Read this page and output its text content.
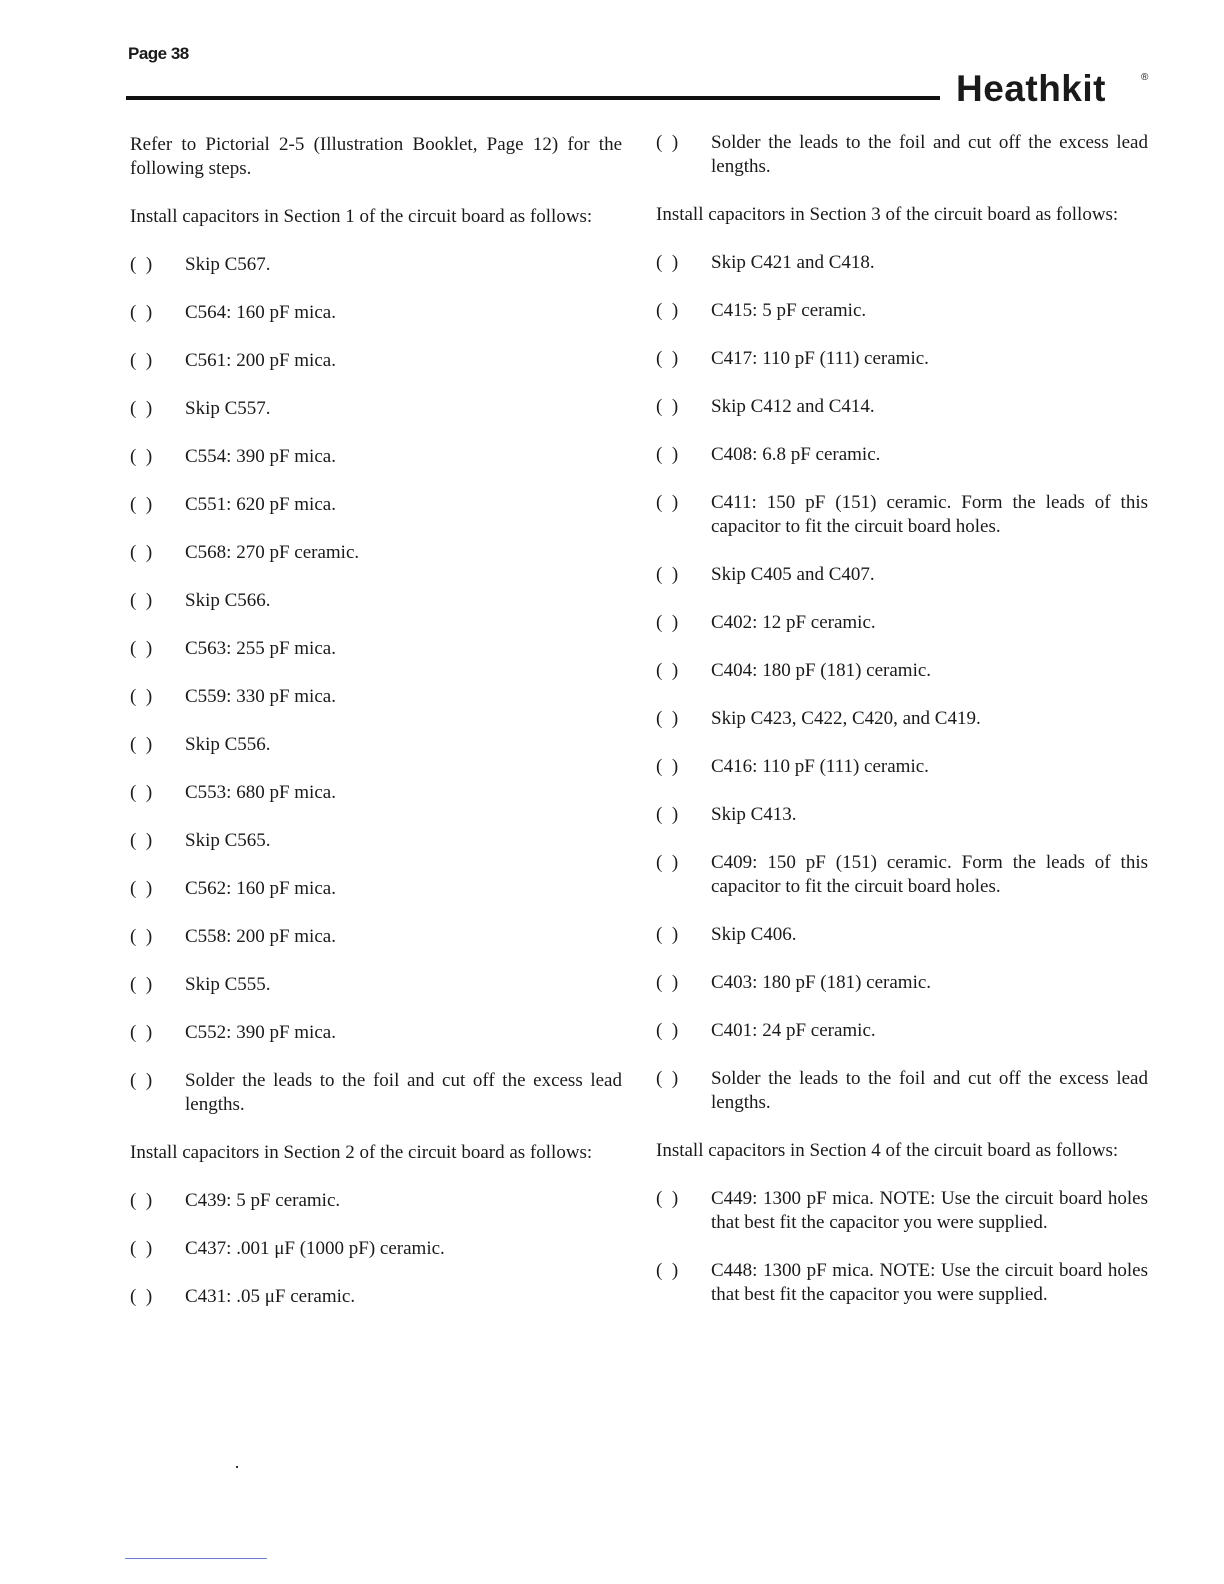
Page 38
Heathkit	®

Refer to Pictorial 2-5 (Illustration Booklet, Page 12) for the following steps.

Install capacitors in Section 1 of the circuit board as follows:

(  )	Skip C567.

(  )	C564: 160 pF mica.

(  )	C561: 200 pF mica.

(  )	Skip C557.

(  )	C554: 390 pF mica.

(  )	C551: 620 pF mica.

(  )	C568: 270 pF ceramic.

(  )	Skip C566.

(  )	C563: 255 pF mica.

(  )	C559: 330 pF mica.

(  )	Skip C556.

(  )	C553: 680 pF mica.

(  )	Skip C565.

(  )	C562: 160 pF mica.

(  )	C558: 200 pF mica.

(  )	Skip C555.

(  )	C552: 390 pF mica.

(  )	Solder the leads to the foil and cut off the excess lead lengths.

Install capacitors in Section 2 of the circuit board as follows:

(  )	C439: 5 pF ceramic.

(  )	C437: .001 μF (1000 pF) ceramic.

(  )	C431: .05 μF ceramic.

(  )	Solder the leads to the foil and cut off the excess lead lengths.

Install capacitors in Section 3 of the circuit board as follows:

(  )	Skip C421 and C418.

(  )	C415: 5 pF ceramic.

(  )	C417: 110 pF (111) ceramic.

(  )	Skip C412 and C414.

(  )	C408: 6.8 pF ceramic.

(  )	C411: 150 pF (151) ceramic. Form the leads of this capacitor to fit the circuit board holes.

(  )	Skip C405 and C407.

(  )	C402: 12 pF ceramic.

(  )	C404: 180 pF (181) ceramic.

(  )	Skip C423, C422, C420, and C419.

(  )	C416: 110 pF (111) ceramic.

(  )	Skip C413.

(  )	C409: 150 pF (151) ceramic. Form the leads of this capacitor to fit the circuit board holes.

(  )	Skip C406.

(  )	C403: 180 pF (181) ceramic.

(  )	C401: 24 pF ceramic.

(  )	Solder the leads to the foil and cut off the excess lead lengths.

Install capacitors in Section 4 of the circuit board as follows:

(  )	C449: 1300 pF mica. NOTE: Use the circuit board holes that best fit the capacitor you were supplied.

(  )	C448: 1300 pF mica. NOTE: Use the circuit board holes that best fit the capacitor you were supplied.
